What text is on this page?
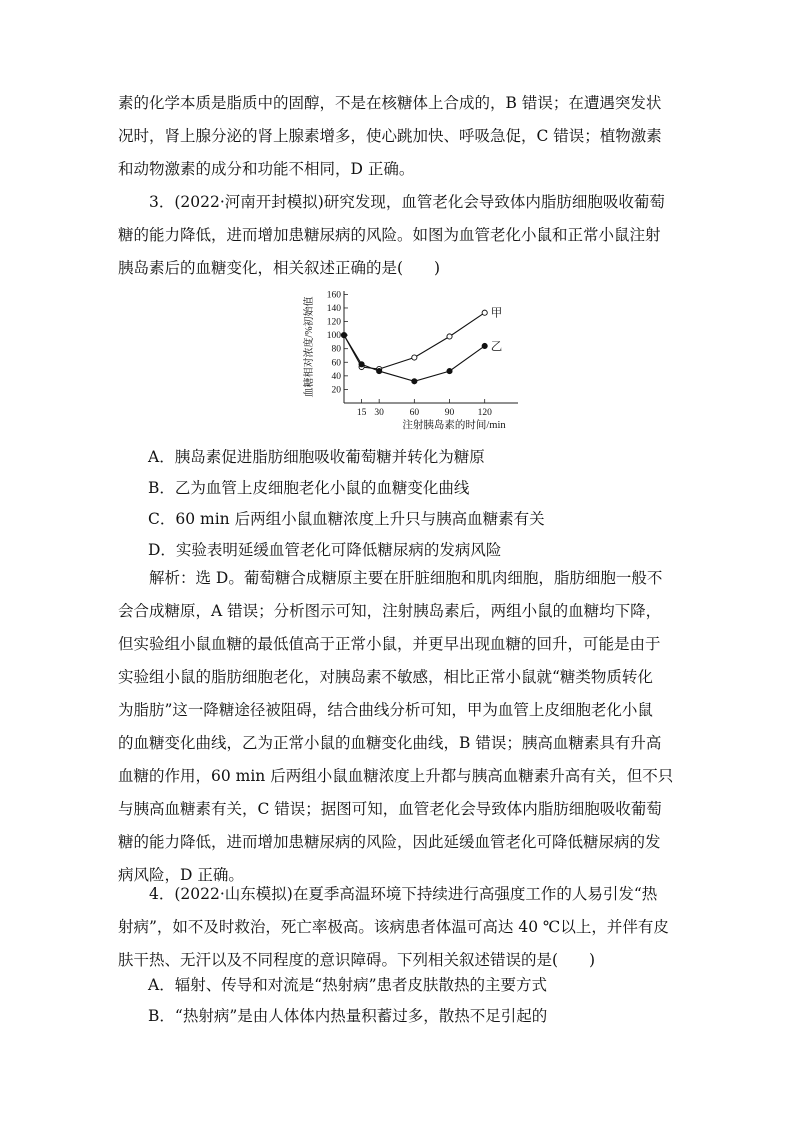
素的化学本质是脂质中的固醇，不是在核糖体上合成的，B 错误；在遭遇突发状
况时，肾上腺分泌的肾上腺素增多，使心跳加快、呼吸急促，C 错误；植物激素
和动物激素的成分和功能不相同，D 正确。
3．(2022·河南开封模拟)研究发现，血管老化会导致体内脂肪细胞吸收葡萄
糖的能力降低，进而增加患糖尿病的风险。如图为血管老化小鼠和正常小鼠注射
胰岛素后的血糖变化，相关叙述正确的是(　　)
20
40
60
80
100
120
140
160
15 30	60	90 120
注射胰岛素的时间/min
血糖相对浓度/%初始值	甲
乙

A．胰岛素促进脂肪细胞吸收葡萄糖并转化为糖原

B．乙为血管上皮细胞老化小鼠的血糖变化曲线

C．60 min 后两组小鼠血糖浓度上升只与胰高血糖素有关

D．实验表明延缓血管老化可降低糖尿病的发病风险

解析：选 D。葡萄糖合成糖原主要在肝脏细胞和肌肉细胞，脂肪细胞一般不
会合成糖原，A 错误；分析图示可知，注射胰岛素后，两组小鼠的血糖均下降，
但实验组小鼠血糖的最低值高于正常小鼠，并更早出现血糖的回升，可能是由于
实验组小鼠的脂肪细胞老化，对胰岛素不敏感，相比正常小鼠就“糖类物质转化
为脂肪”这一降糖途径被阻碍，结合曲线分析可知，甲为血管上皮细胞老化小鼠
的血糖变化曲线，乙为正常小鼠的血糖变化曲线，B 错误；胰高血糖素具有升高
血糖的作用，60 min 后两组小鼠血糖浓度上升都与胰高血糖素升高有关，但不只
与胰高血糖素有关，C 错误；据图可知，血管老化会导致体内脂肪细胞吸收葡萄
糖的能力降低，进而增加患糖尿病的风险，因此延缓血管老化可降低糖尿病的发
病风险，D 正确。
4．(2022·山东模拟)在夏季高温环境下持续进行高强度工作的人易引发“热
射病”，如不及时救治，死亡率极高。该病患者体温可高达 40 ℃以上，并伴有皮
肤干热、无汗以及不同程度的意识障碍。下列相关叙述错误的是(　　)

A．辐射、传导和对流是“热射病”患者皮肤散热的主要方式

B．“热射病”是由人体体内热量积蓄过多，散热不足引起的
